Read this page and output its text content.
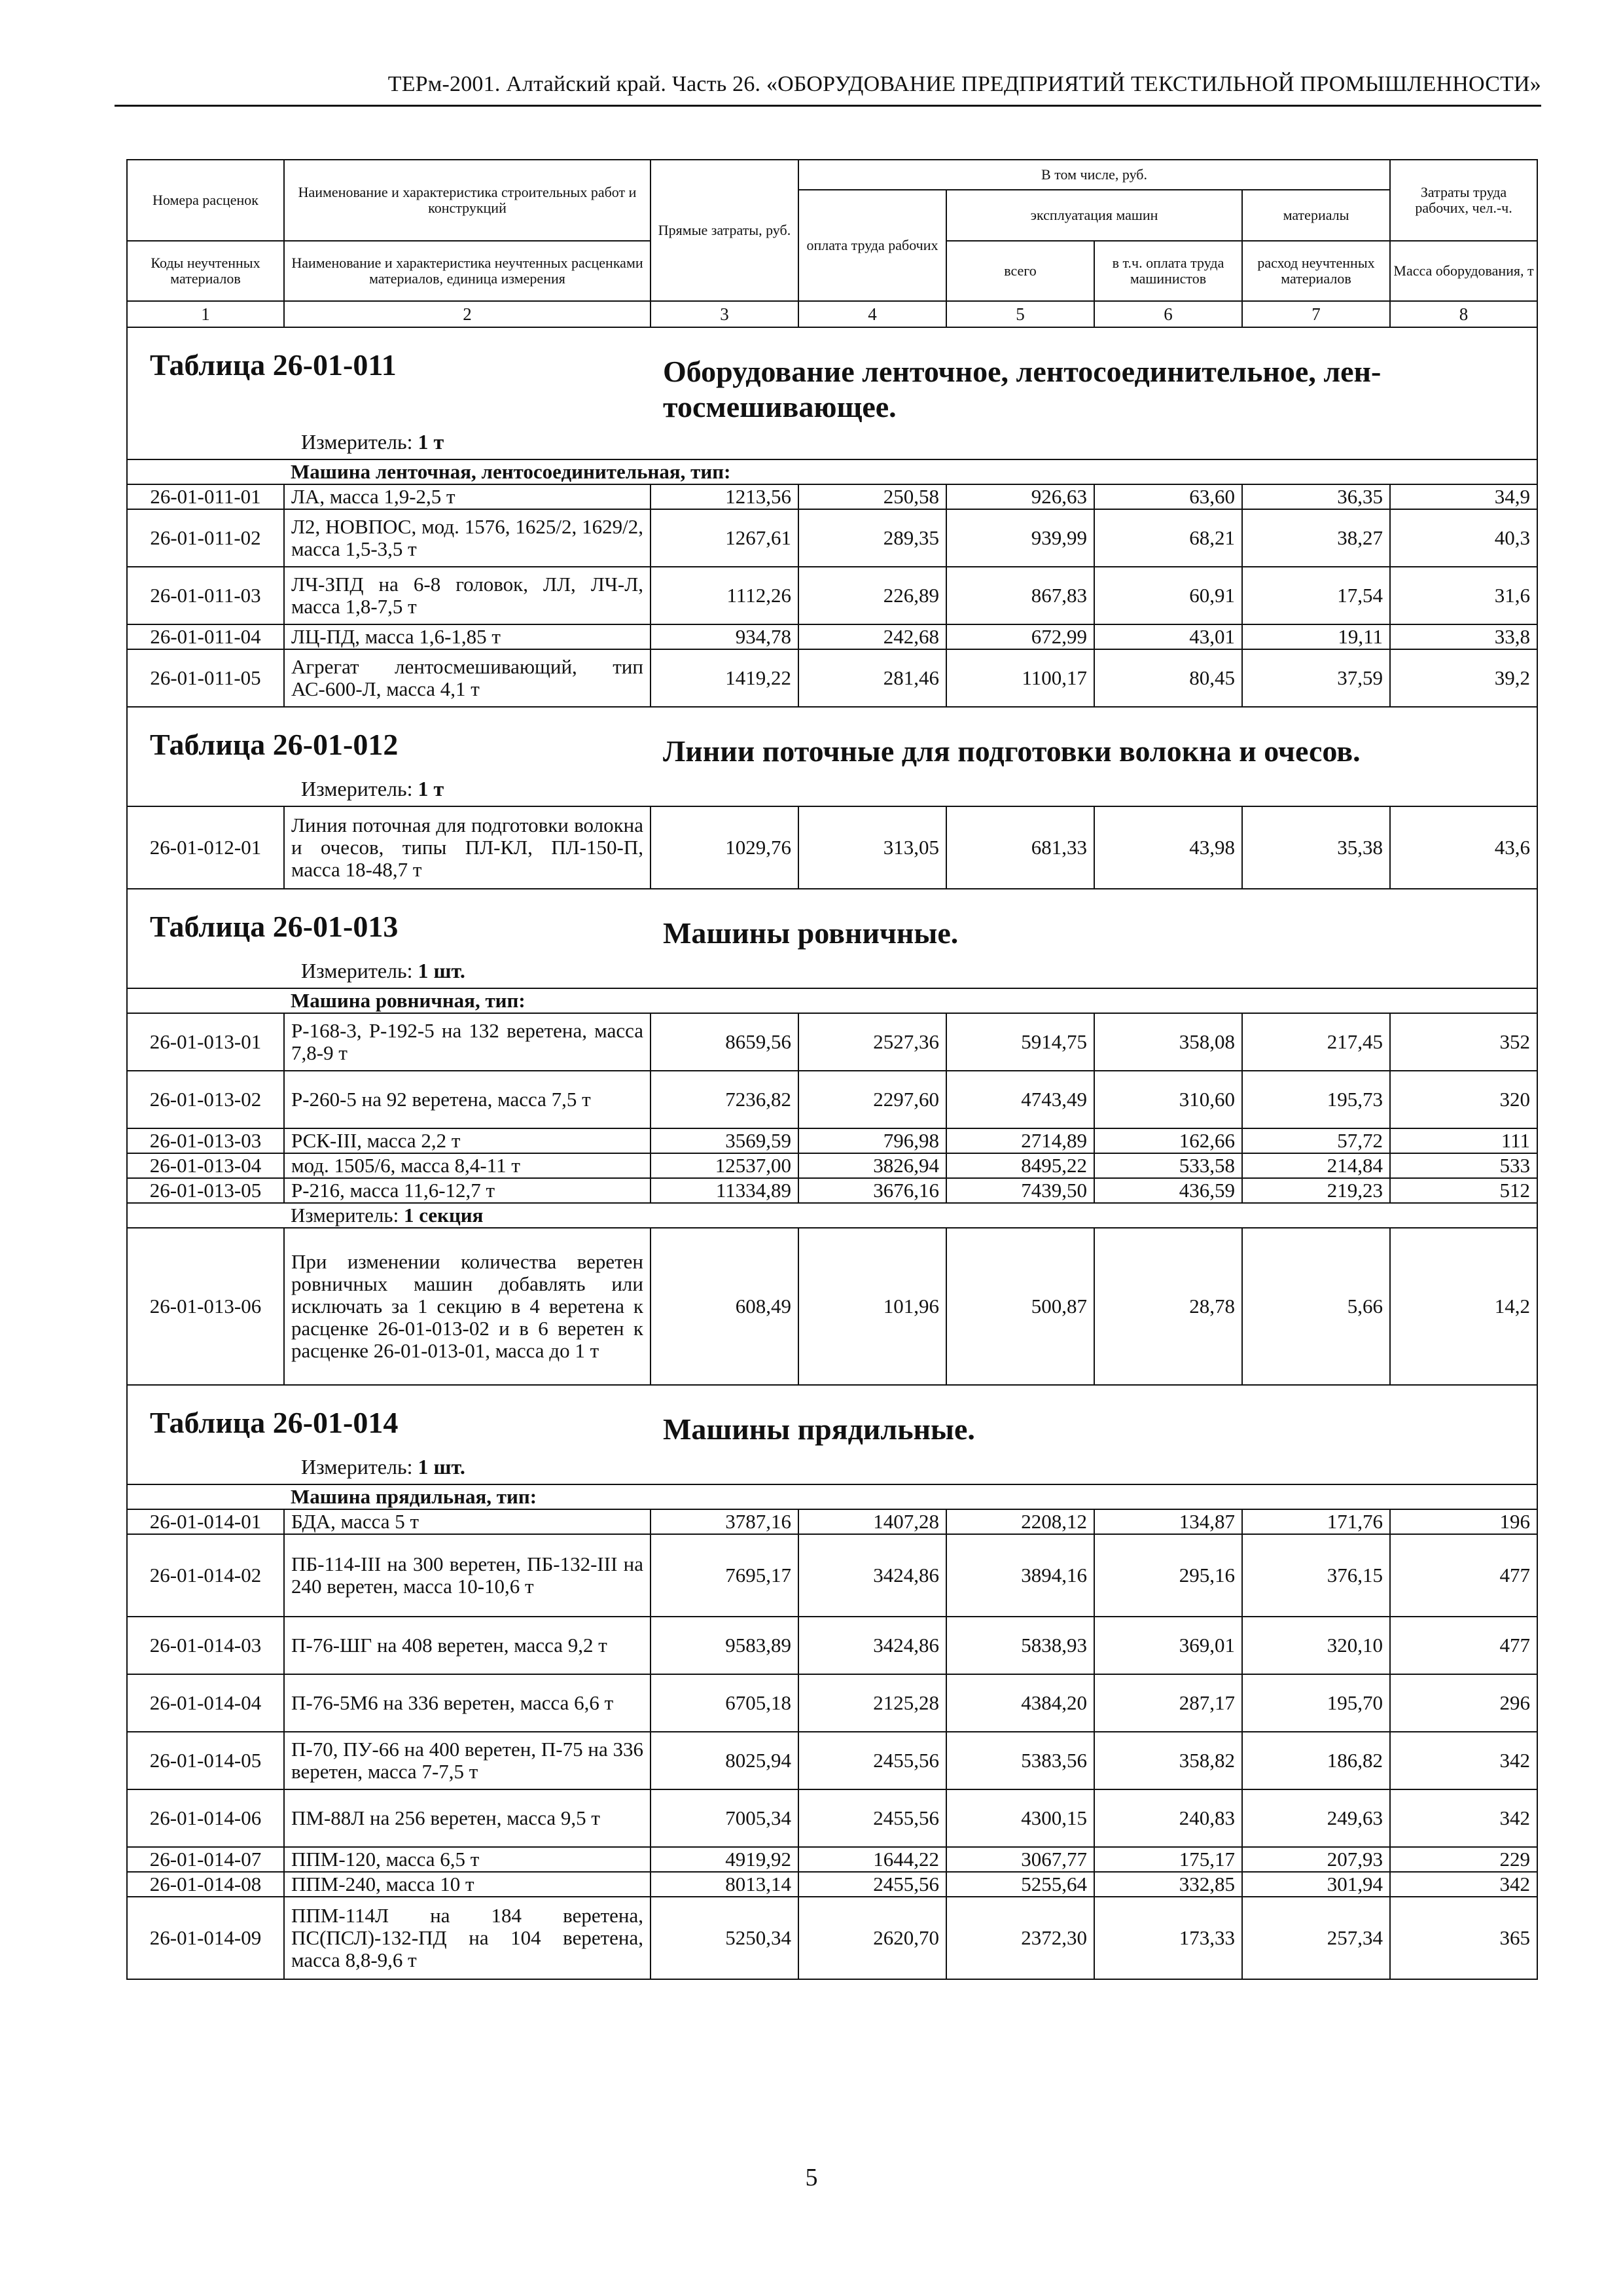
ТЕРм-2001. Алтайский край. Часть 26. «ОБОРУДОВАНИЕ ПРЕДПРИЯТИЙ ТЕКСТИЛЬНОЙ ПРОМЫШЛЕННОСТИ»
Номера расценок	Наименование и характеристика строительных работ и конструкций	Прямые затраты, руб.	В том числе, руб.				Затраты труда рабочих, чел.-ч.
			оплата труда рабочих	эксплуатация машин		материалы	
Коды неучтенных материалов	Наименование и характеристика неучтенных расценками материалов, единица измерения			всего	в т.ч. оплата труда машинистов	расход неучтенных материалов	Масса оборудования, т
1	2	3	4	5	6	7	8

Таблица 26-01-011 Оборудование ленточное, лентосоединительное, лен-тосмешивающее.
Измеритель: 1 т							

	Машина ленточная, лентосоединительная, тип:						
26-01-011-01	ЛА, масса 1,9-2,5 т	1213,56	250,58	926,63	63,60	36,35	34,9
26-01-011-02	Л2, НОВПОС, мод. 1576, 1625/2, 1629/2, масса 1,5-3,5 т	1267,61	289,35	939,99	68,21	38,27	40,3
26-01-011-03	ЛЧ-ЗПД на 6-8 головок, ЛЛ, ЛЧ-Л, масса 1,8-7,5 т	1112,26	226,89	867,83	60,91	17,54	31,6
26-01-011-04	ЛЦ-ПД, масса 1,6-1,85 т	934,78	242,68	672,99	43,01	19,11	33,8
26-01-011-05	Агрегат лентосмешивающий, тип АС-600-Л, масса 4,1 т	1419,22	281,46	1100,17	80,45	37,59	39,2

Таблица 26-01-012 Линии поточные для подготовки волокна и очесов.
Измеритель: 1 т							

26-01-012-01	Линия поточная для подготовки волокна и очесов, типы ПЛ-КЛ, ПЛ-150-П, масса 18-48,7 т	1029,76	313,05	681,33	43,98	35,38	43,6

Таблица 26-01-013 Машины ровничные.
Измеритель: 1 шт.							

	Машина ровничная, тип:						
26-01-013-01	Р-168-3, Р-192-5 на 132 веретена, масса 7,8-9 т	8659,56	2527,36	5914,75	358,08	217,45	352
26-01-013-02	Р-260-5 на 92 веретена, масса 7,5 т	7236,82	2297,60	4743,49	310,60	195,73	320
26-01-013-03	РСК-III, масса 2,2 т	3569,59	796,98	2714,89	162,66	57,72	111
26-01-013-04	мод. 1505/6, масса 8,4-11 т	12537,00	3826,94	8495,22	533,58	214,84	533
26-01-013-05	Р-216, масса 11,6-12,7 т	11334,89	3676,16	7439,50	436,59	219,23	512
	Измеритель: 1 секция						
26-01-013-06	При изменении количества веретен ровничных машин добавлять или исключать за 1 секцию в 4 веретена к расценке 26-01-013-02 и в 6 веретен к расценке 26-01-013-01, масса до 1 т	608,49	101,96	500,87	28,78	5,66	14,2

Таблица 26-01-014 Машины прядильные.
Измеритель: 1 шт.							

	Машина прядильная, тип:						
26-01-014-01	БДА, масса 5 т	3787,16	1407,28	2208,12	134,87	171,76	196
26-01-014-02	ПБ-114-III на 300 веретен, ПБ-132-III на 240 веретен, масса 10-10,6 т	7695,17	3424,86	3894,16	295,16	376,15	477
26-01-014-03	П-76-ШГ на 408 веретен, масса 9,2 т	9583,89	3424,86	5838,93	369,01	320,10	477
26-01-014-04	П-76-5М6 на 336 веретен, масса 6,6 т	6705,18	2125,28	4384,20	287,17	195,70	296
26-01-014-05	П-70, ПУ-66 на 400 веретен, П-75 на 336 веретен, масса 7-7,5 т	8025,94	2455,56	5383,56	358,82	186,82	342
26-01-014-06	ПМ-88Л на 256 веретен, масса 9,5 т	7005,34	2455,56	4300,15	240,83	249,63	342
26-01-014-07	ППМ-120, масса 6,5 т	4919,92	1644,22	3067,77	175,17	207,93	229
26-01-014-08	ППМ-240, масса 10 т	8013,14	2455,56	5255,64	332,85	301,94	342
26-01-014-09	ППМ-114Л на 184 веретена, ПС(ПСЛ)-132-ПД на 104 веретена, масса 8,8-9,6 т	5250,34	2620,70	2372,30	173,33	257,34	365
5
